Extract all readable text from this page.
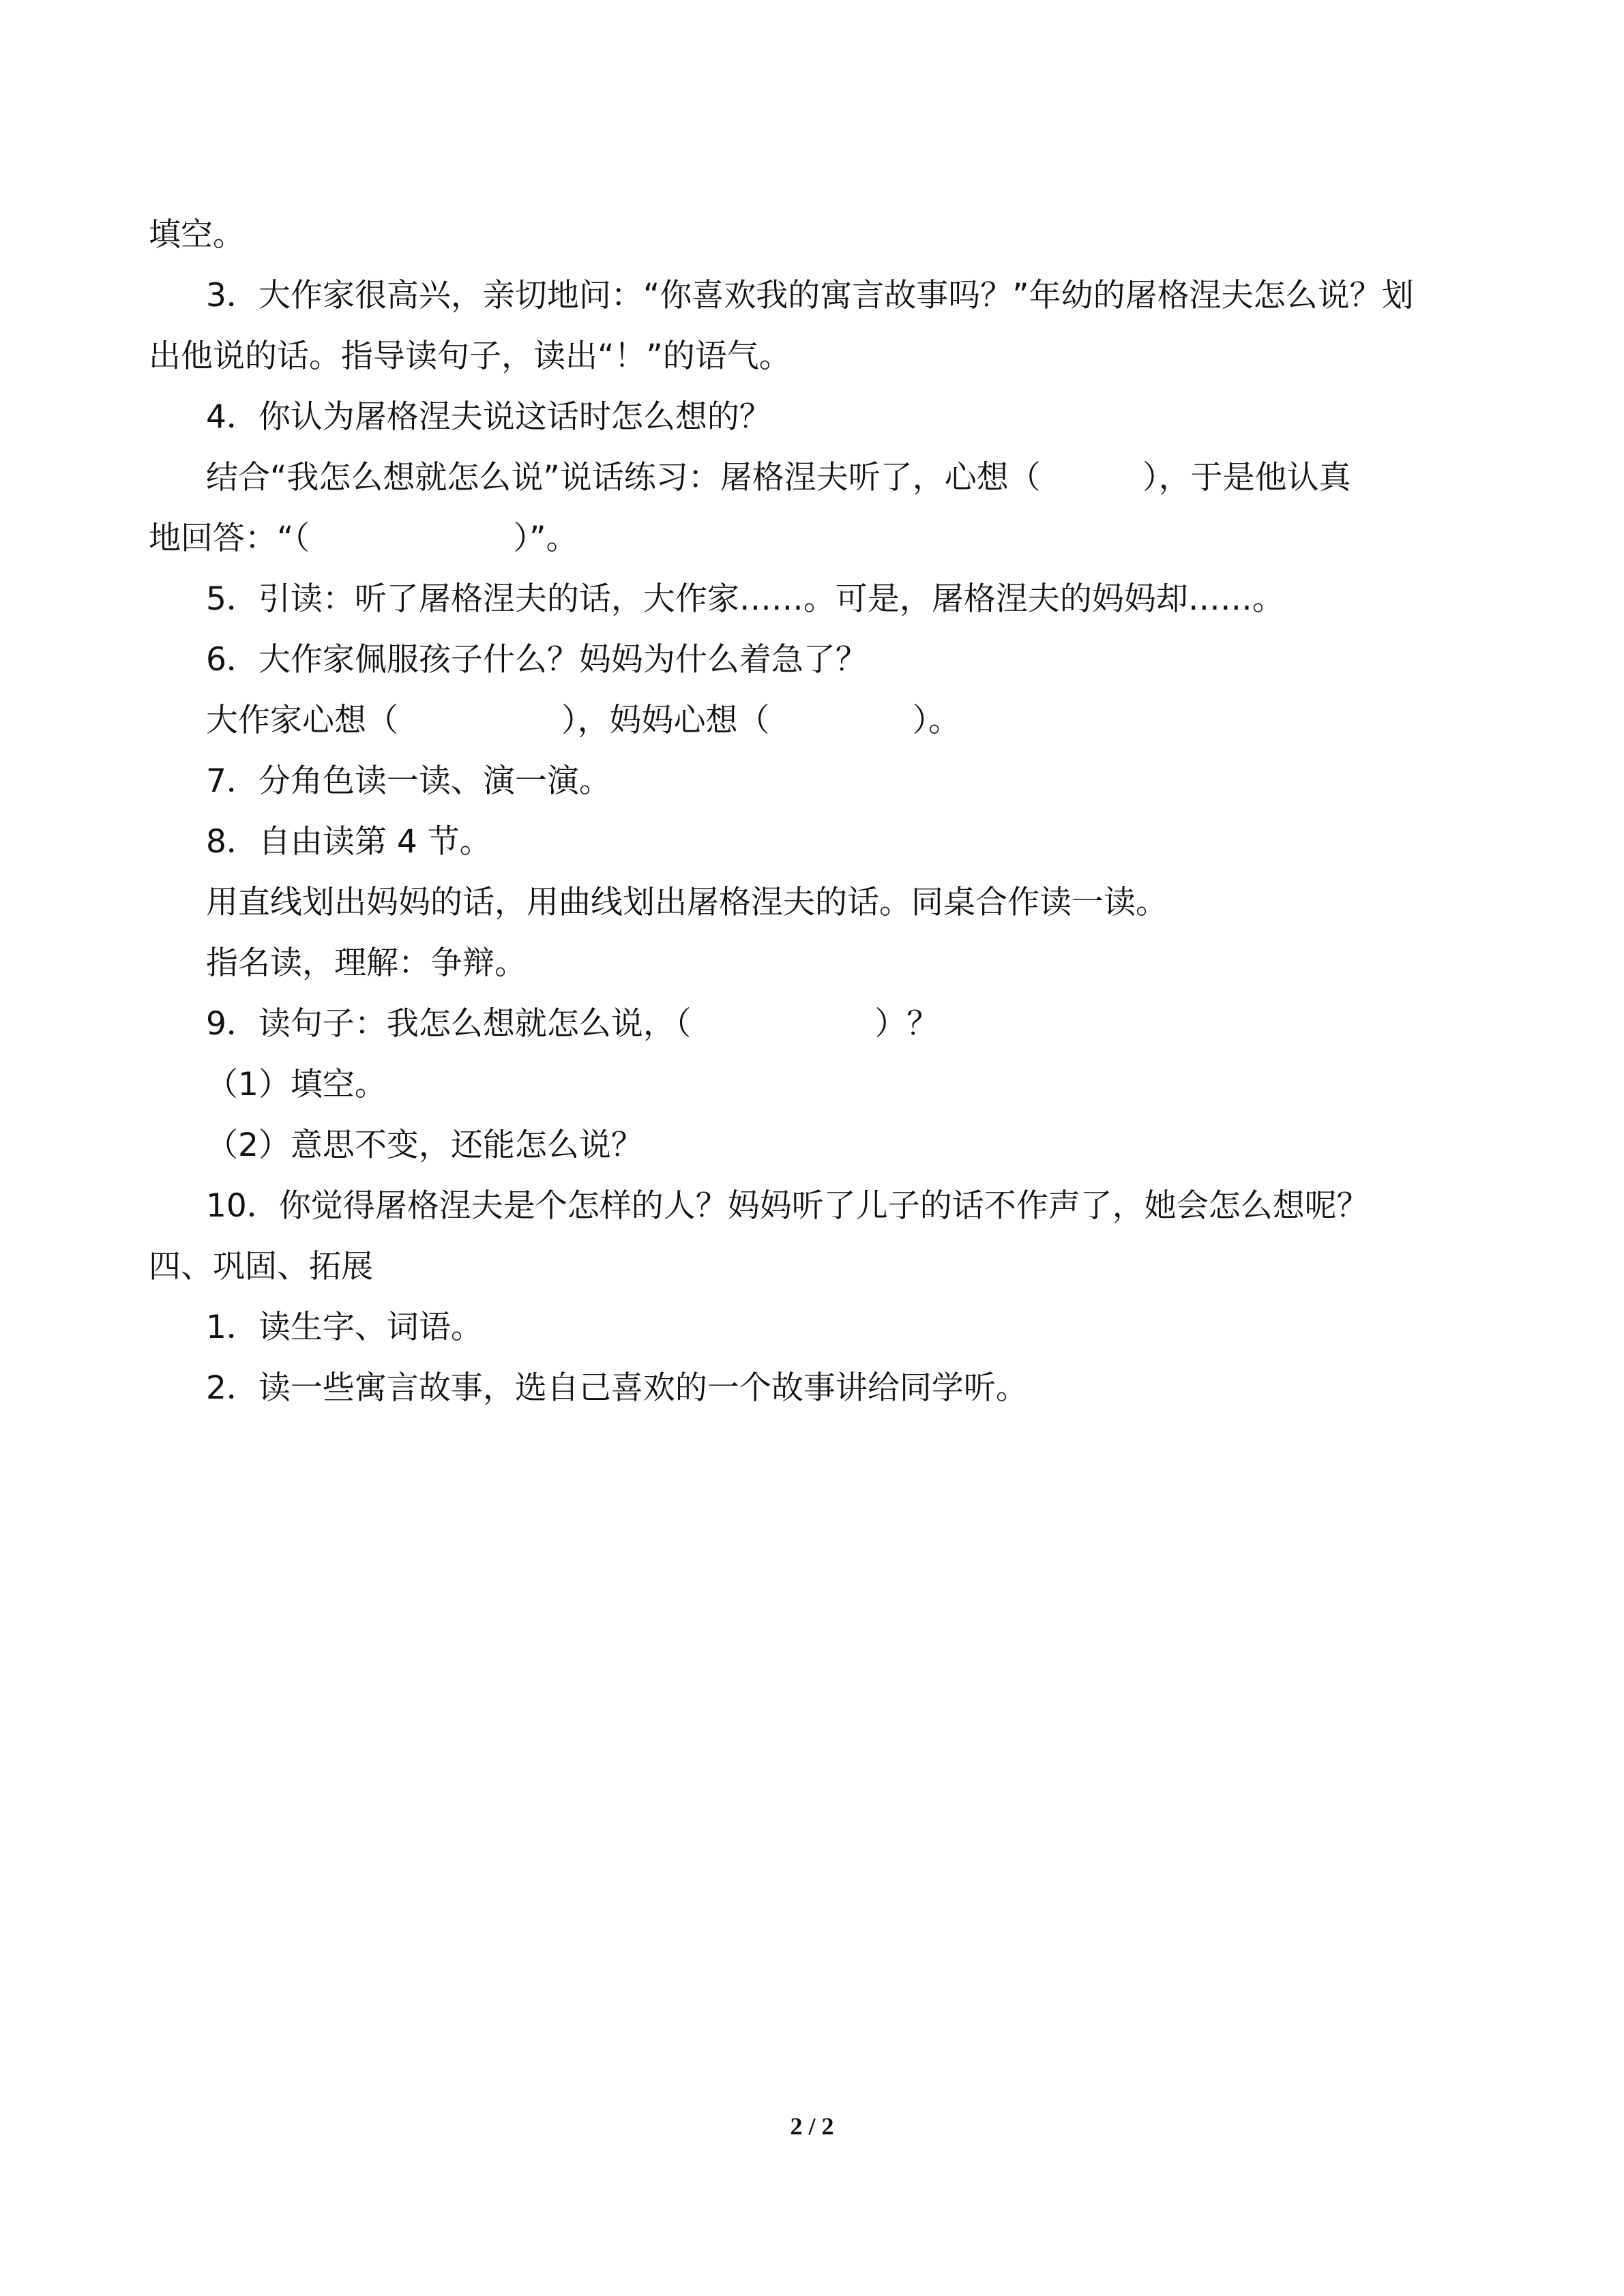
填空。
3．大作家很高兴，亲切地问：“你喜欢我的寓言故事吗？”年幼的屠格涅夫怎么说？划
出他说的话。指导读句子，读出“！”的语气。
4．你认为屠格涅夫说这话时怎么想的？
结合“我怎么想就怎么说”说话练习：屠格涅夫听了，心想（          ），于是他认真
地回答：“（                    ）”。
5．引读：听了屠格涅夫的话，大作家……。可是，屠格涅夫的妈妈却……。
6．大作家佩服孩子什么？妈妈为什么着急了？
大作家心想（                ），妈妈心想（              ）。
7．分角色读一读、演一演。
8．自由读第 4 节。
用直线划出妈妈的话，用曲线划出屠格涅夫的话。同桌合作读一读。
指名读，理解：争辩。
9．读句子：我怎么想就怎么说，（                  ）？
（1）填空。
（2）意思不变，还能怎么说？
10．你觉得屠格涅夫是个怎样的人？妈妈听了儿子的话不作声了，她会怎么想呢？
四、巩固、拓展
1．读生字、词语。
2．读一些寓言故事，选自己喜欢的一个故事讲给同学听。
2 / 2
